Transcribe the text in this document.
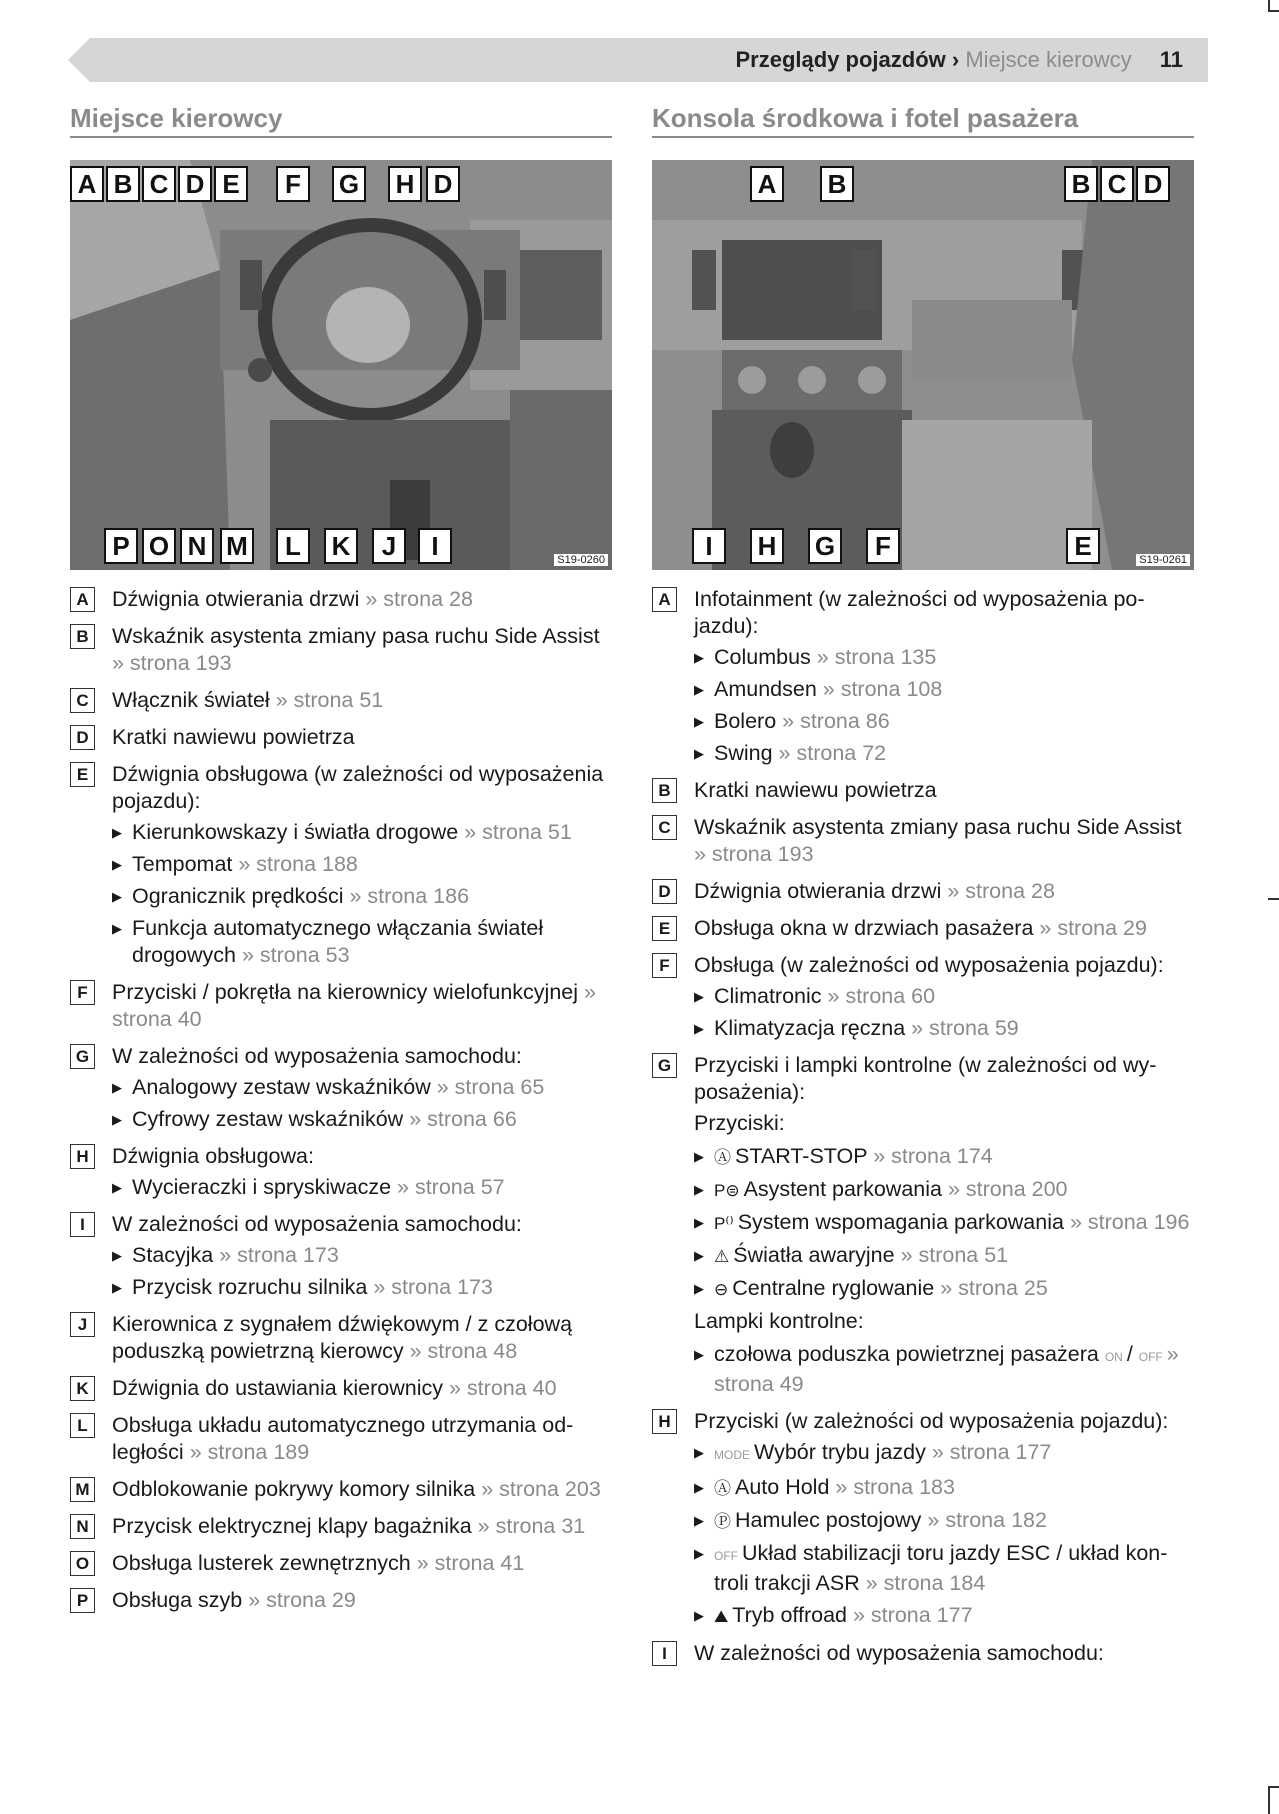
Przeglądy pojazdów › Miejsce kierowcy 11
Miejsce kierowcy
A B C D E	F	G H D
P O N M	L	K	J	I	S19-0260
A Dźwignia otwierania drzwi » strona 28
B Wskaźnik asystenta zmiany pasa ruchu Side Assist » strona 193
C Włącznik świateł » strona 51
D Kratki nawiewu powietrza
E	Dźwignia obsługowa (w zależności od wyposażenia pojazdu):
▶ Kierunkowskazy i światła drogowe » strona 51
▶ Tempomat » strona 188
▶ Ogranicznik prędkości » strona 186
▶ Funkcja automatycznego włączania świateł drogowych » strona 53
F	Przyciski / pokrętła na kierownicy wielofunkcyjnej » strona 40
G W zależności od wyposażenia samochodu:
▶ Analogowy zestaw wskaźników » strona 65
▶ Cyfrowy zestaw wskaźników » strona 66
H Dźwignia obsługowa:
▶ Wycieraczki i spryskiwacze » strona 57
I	W zależności od wyposażenia samochodu:
▶ Stacyjka » strona 173
▶ Przycisk rozruchu silnika » strona 173
J	Kierownica z sygnałem dźwiękowym / z czołową poduszką powietrzną kierowcy » strona 48
K Dźwignia do ustawiania kierownicy » strona 40
L	Obsługa układu automatycznego utrzymania odległości » strona 189
M Odblokowanie pokrywy komory silnika » strona 203
N Przycisk elektrycznej klapy bagażnika » strona 31
O Obsługa lusterek zewnętrznych » strona 41
P	Obsługa szyb » strona 29
Konsola środkowa i fotel pasażera
A B	B C D
I	H G	F	E	S19-0261
A Infotainment (w zależności od wyposażenia pojazdu):
▶ Columbus » strona 135
▶ Amundsen » strona 108
▶ Bolero » strona 86
▶ Swing » strona 72
B Kratki nawiewu powietrza
C Wskaźnik asystenta zmiany pasa ruchu Side Assist » strona 193
D Dźwignia otwierania drzwi » strona 28
E	Obsługa okna w drzwiach pasażera » strona 29
F	Obsługa (w zależności od wyposażenia pojazdu):
▶ Climatronic » strona 60
▶ Klimatyzacja ręczna » strona 59
G Przyciski i lampki kontrolne (w zależności od wyposażenia):
Przyciski:
▶ Ⓐ START-STOP » strona 174
▶ P⊜ Asystent parkowania » strona 200
▶ P⁽⁾ System wspomagania parkowania » strona 196
▶ ⚠ Światła awaryjne » strona 51
▶ ⊖ Centralne ryglowanie » strona 25
Lampki kontrolne:
▶ czołowa poduszka powietrznej pasażera ON / OFF » strona 49
H Przyciski (w zależności od wyposażenia pojazdu):
▶ MODE Wybór trybu jazdy » strona 177
▶ Ⓐ Auto Hold » strona 183
▶ Ⓟ Hamulec postojowy » strona 182
▶ OFF Układ stabilizacji toru jazdy ESC / układ kontroli trakcji ASR » strona 184
▶ ⛰ Tryb offroad » strona 177
I	W zależności od wyposażenia samochodu:
